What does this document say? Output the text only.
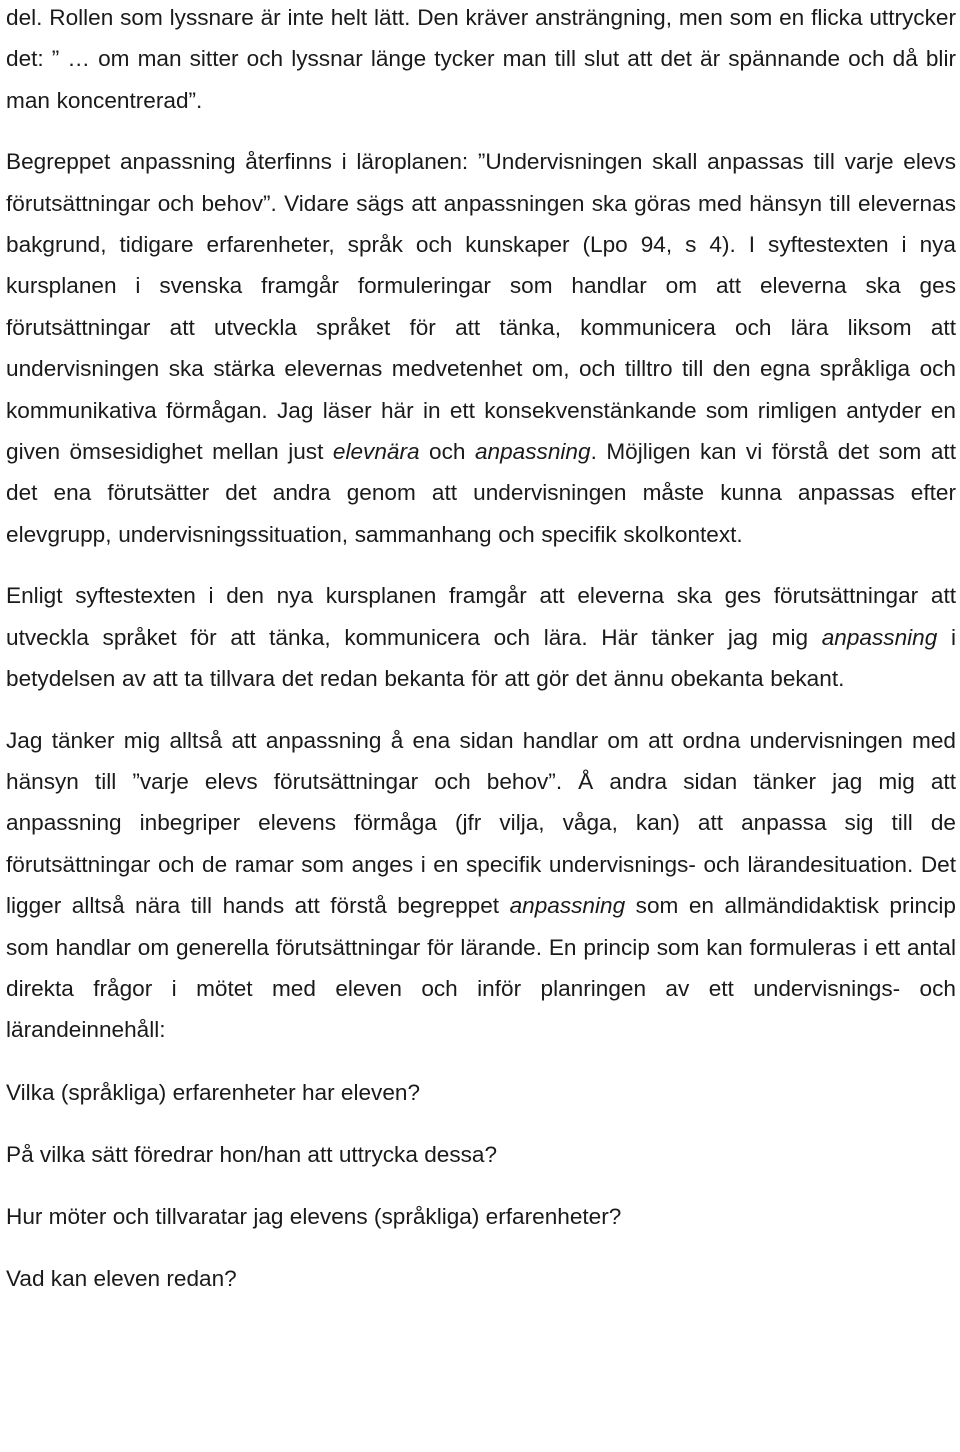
del. Rollen som lyssnare är inte helt lätt. Den kräver ansträngning, men som en flicka uttrycker det: ” … om man sitter och lyssnar länge tycker man till slut att det är spännande och då blir man koncentrerad”.

Begreppet anpassning återfinns i läroplanen: ”Undervisningen skall anpassas till varje elevs förutsättningar och behov”. Vidare sägs att anpassningen ska göras med hänsyn till elevernas bakgrund, tidigare erfarenheter, språk och kunskaper (Lpo 94, s 4). I syftestexten i nya kursplanen i svenska framgår formuleringar som handlar om att eleverna ska ges förutsättningar att utveckla språket för att tänka, kommunicera och lära liksom att undervisningen ska stärka elevernas medvetenhet om, och tilltro till den egna språkliga och kommunikativa förmågan. Jag läser här in ett konsekvenstänkande som rimligen antyder en given ömsesidighet mellan just elevnära och anpassning. Möjligen kan vi förstå det som att det ena förutsätter det andra genom att undervisningen måste kunna anpassas efter elevgrupp, undervisningssituation, sammanhang och specifik skolkontext.

Enligt syftestexten i den nya kursplanen framgår att eleverna ska ges förutsättningar att utveckla språket för att tänka, kommunicera och lära. Här tänker jag mig anpassning i betydelsen av att ta tillvara det redan bekanta för att gör det ännu obekanta bekant.

Jag tänker mig alltså att anpassning å ena sidan handlar om att ordna undervisningen med hänsyn till ”varje elevs förutsättningar och behov”. Å andra sidan tänker jag mig att anpassning inbegriper elevens förmåga (jfr vilja, våga, kan) att anpassa sig till de förutsättningar och de ramar som anges i en specifik undervisnings- och lärandesituation. Det ligger alltså nära till hands att förstå begreppet anpassning som en allmändidaktisk princip som handlar om generella förutsättningar för lärande. En princip som kan formuleras i ett antal direkta frågor i mötet med eleven och inför planringen av ett undervisnings- och lärandeinnehåll:

Vilka (språkliga) erfarenheter har eleven?

På vilka sätt föredrar hon/han att uttrycka dessa?

Hur möter och tillvaratar jag elevens (språkliga) erfarenheter?

Vad kan eleven redan?
